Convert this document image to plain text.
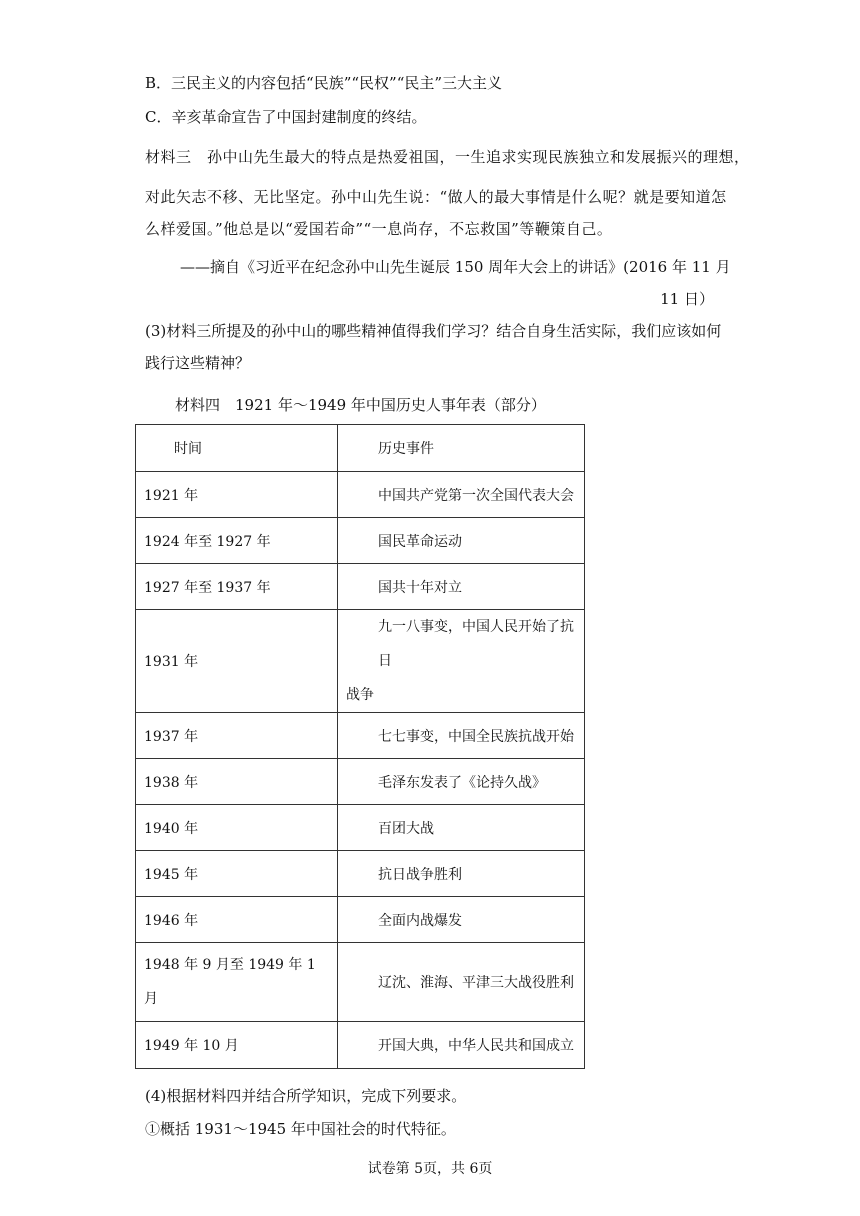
B．三民主义的内容包括“民族”“民权”“民主”三大主义
C．辛亥革命宣告了中国封建制度的终结。
材料三　孙中山先生最大的特点是热爱祖国，一生追求实现民族独立和发展振兴的理想，
对此矢志不移、无比坚定。孙中山先生说：“做人的最大事情是什么呢？就是要知道怎
么样爱国。”他总是以“爱国若命”“一息尚存，不忘救国”等鞭策自己。
——摘自《习近平在纪念孙中山先生诞辰 150 周年大会上的讲话》(2016 年 11 月
11 日）
(3)材料三所提及的孙中山的哪些精神值得我们学习？结合自身生活实际，我们应该如何
践行这些精神？
材料四　1921 年～1949 年中国历史人事年表（部分）
时间	历史事件
1921 年	中国共产党第一次全国代表大会
1924 年至 1927 年	国民革命运动
1927 年至 1937 年	国共十年对立
1931 年	九一八事变，中国人民开始了抗日
战争

1937 年	七七事变，中国全民族抗战开始
1938 年	毛泽东发表了《论持久战》
1940 年	百团大战
1945 年	抗日战争胜利
1946 年	全面内战爆发

1948 年 9 月至 1949 年 1
月	辽沈、淮海、平津三大战役胜利
1949 年 10 月	开国大典，中华人民共和国成立
(4)根据材料四并结合所学知识，完成下列要求。
①概括 1931～1945 年中国社会的时代特征。
试卷第 5页，共 6页
